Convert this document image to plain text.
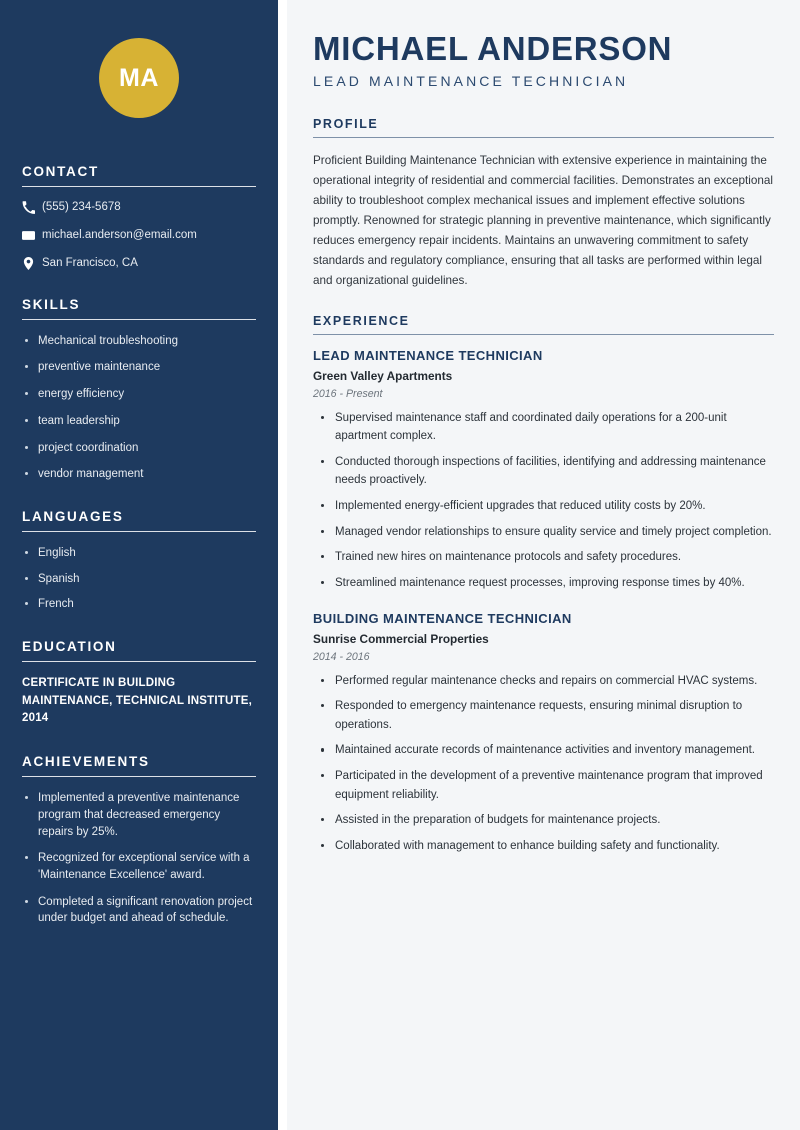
MA
CONTACT
(555) 234-5678
michael.anderson@email.com
San Francisco, CA
SKILLS
Mechanical troubleshooting
preventive maintenance
energy efficiency
team leadership
project coordination
vendor management
LANGUAGES
English
Spanish
French
EDUCATION
CERTIFICATE IN BUILDING MAINTENANCE, TECHNICAL INSTITUTE, 2014
ACHIEVEMENTS
Implemented a preventive maintenance program that decreased emergency repairs by 25%.
Recognized for exceptional service with a 'Maintenance Excellence' award.
Completed a significant renovation project under budget and ahead of schedule.
MICHAEL ANDERSON
LEAD MAINTENANCE TECHNICIAN
PROFILE

Proficient Building Maintenance Technician with extensive experience in maintaining the operational integrity of residential and commercial facilities. Demonstrates an exceptional ability to troubleshoot complex mechanical issues and implement effective solutions promptly. Renowned for strategic planning in preventive maintenance, which significantly reduces emergency repair incidents. Maintains an unwavering commitment to safety standards and regulatory compliance, ensuring that all tasks are performed within legal and organizational guidelines.

EXPERIENCE
LEAD MAINTENANCE TECHNICIAN
Green Valley Apartments
2016 - Present
Supervised maintenance staff and coordinated daily operations for a 200-unit apartment complex.
Conducted thorough inspections of facilities, identifying and addressing maintenance needs proactively.
Implemented energy-efficient upgrades that reduced utility costs by 20%.
Managed vendor relationships to ensure quality service and timely project completion.
Trained new hires on maintenance protocols and safety procedures.
Streamlined maintenance request processes, improving response times by 40%.
BUILDING MAINTENANCE TECHNICIAN
Sunrise Commercial Properties
2014 - 2016
Performed regular maintenance checks and repairs on commercial HVAC systems.
Responded to emergency maintenance requests, ensuring minimal disruption to operations.
Maintained accurate records of maintenance activities and inventory management.
Participated in the development of a preventive maintenance program that improved equipment reliability.
Assisted in the preparation of budgets for maintenance projects.
Collaborated with management to enhance building safety and functionality.
